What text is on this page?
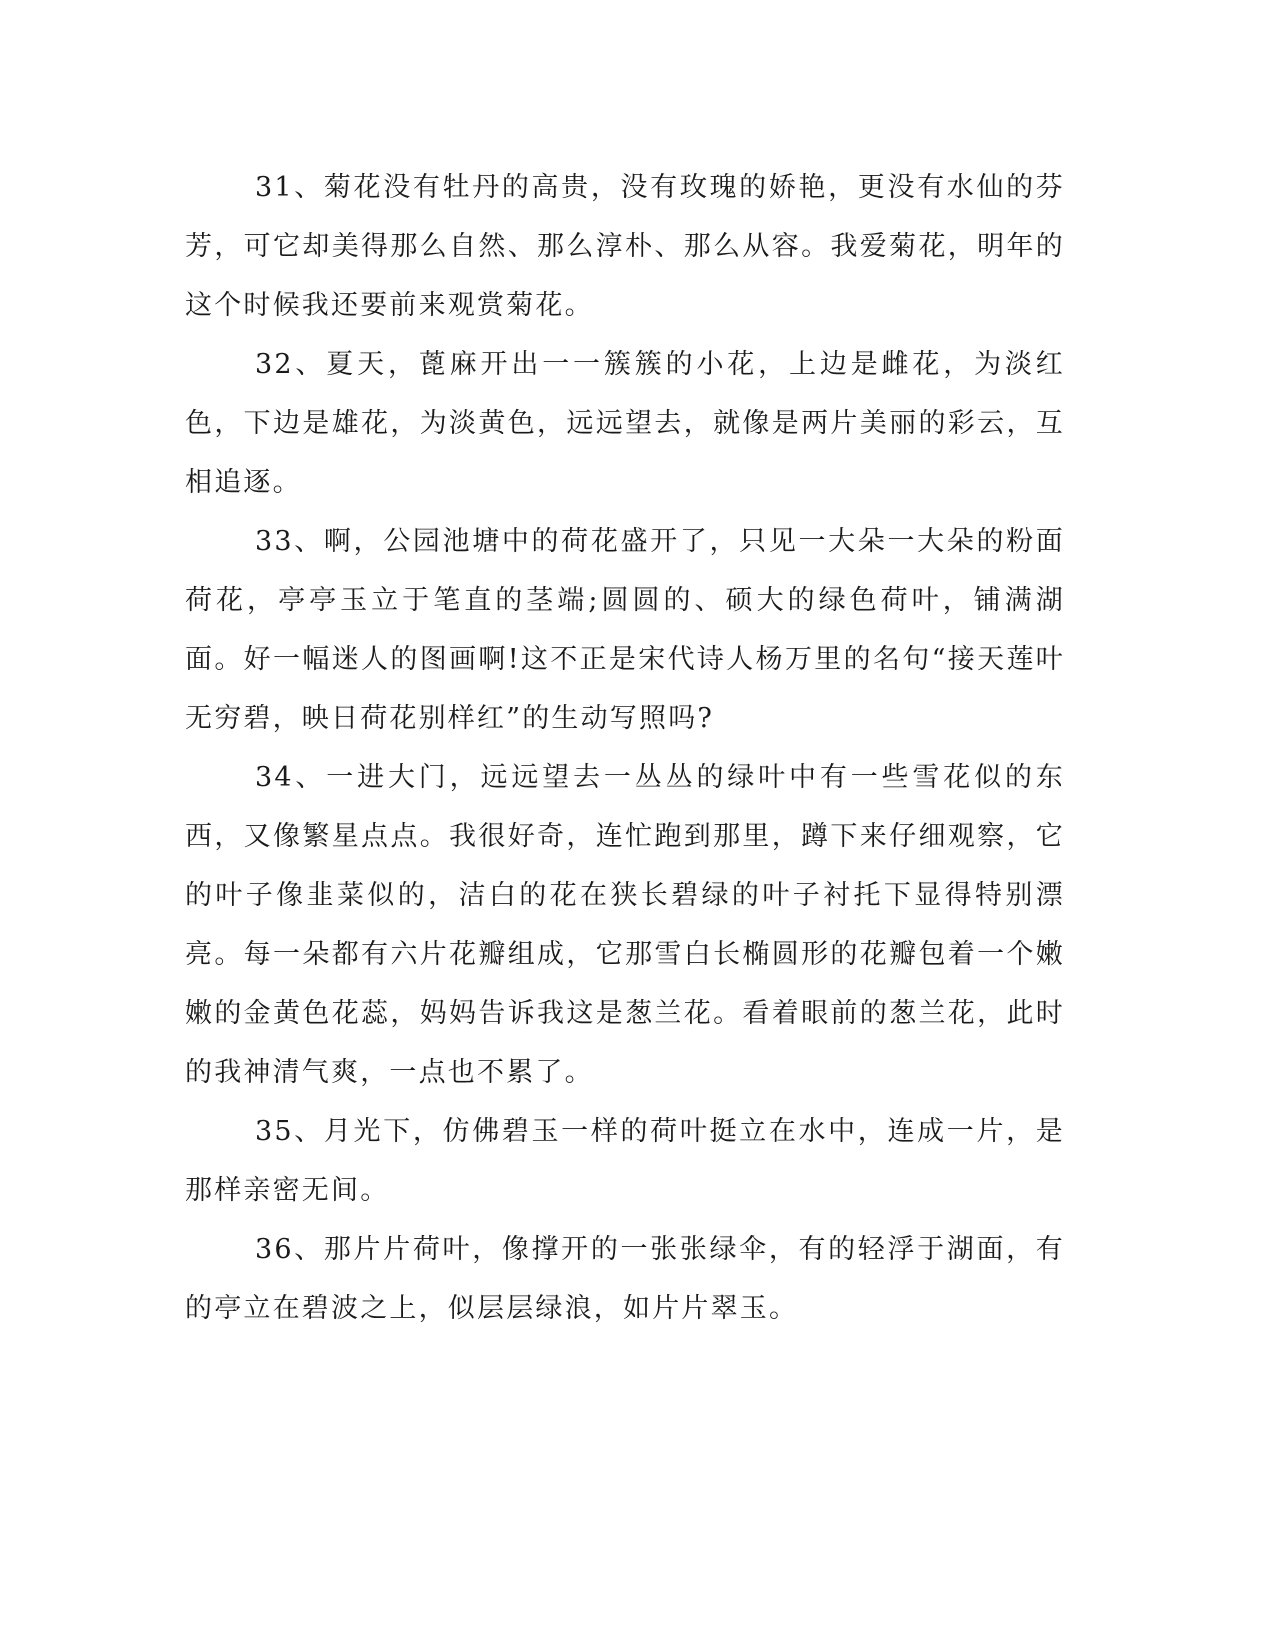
31、菊花没有牡丹的高贵，没有玫瑰的娇艳，更没有水仙的芬芳，可它却美得那么自然、那么淳朴、那么从容。我爱菊花，明年的这个时候我还要前来观赏菊花。

32、夏天，蓖麻开出一一簇簇的小花，上边是雌花，为淡红色，下边是雄花，为淡黄色，远远望去，就像是两片美丽的彩云，互相追逐。

33、啊，公园池塘中的荷花盛开了，只见一大朵一大朵的粉面荷花，亭亭玉立于笔直的茎端;圆圆的、硕大的绿色荷叶，铺满湖面。好一幅迷人的图画啊!这不正是宋代诗人杨万里的名句“接天莲叶无穷碧，映日荷花别样红”的生动写照吗?

34、一进大门，远远望去一丛丛的绿叶中有一些雪花似的东西，又像繁星点点。我很好奇，连忙跑到那里，蹲下来仔细观察，它的叶子像韭菜似的，洁白的花在狭长碧绿的叶子衬托下显得特别漂亮。每一朵都有六片花瓣组成，它那雪白长椭圆形的花瓣包着一个嫩嫩的金黄色花蕊，妈妈告诉我这是葱兰花。看着眼前的葱兰花，此时的我神清气爽，一点也不累了。

35、月光下，仿佛碧玉一样的荷叶挺立在水中，连成一片，是那样亲密无间。

36、那片片荷叶，像撑开的一张张绿伞，有的轻浮于湖面，有的亭立在碧波之上，似层层绿浪，如片片翠玉。
